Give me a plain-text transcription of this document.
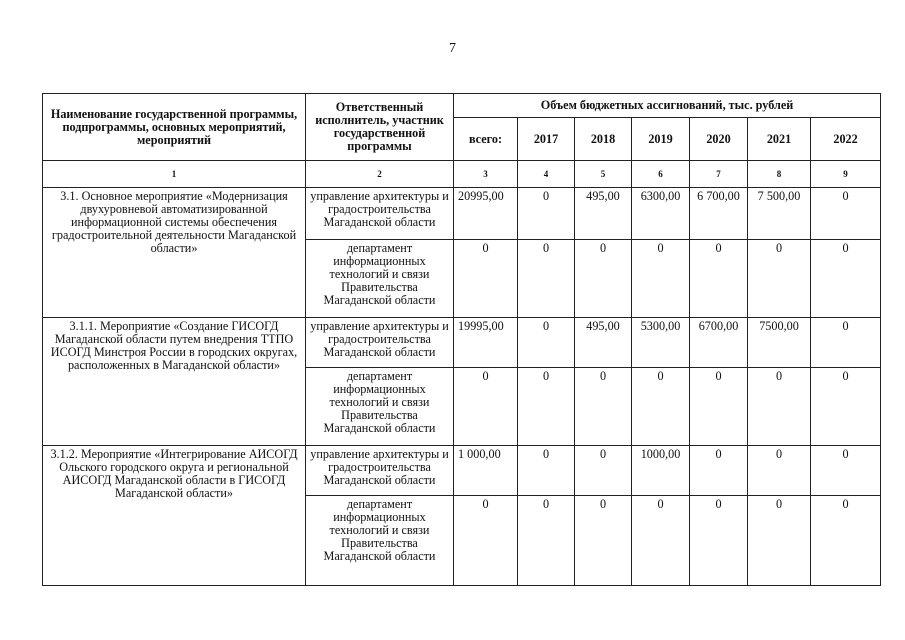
7
Наименование государственной программы, подпрограммы, основных мероприятий, мероприятий	Ответственный исполнитель, участник государственной программы	Объем бюджетных ассигнований, тыс. рублей						
		всего:	2017	2018	2019	2020	2021	2022
1	2	3	4	5	6	7	8	9
3.1. Основное мероприятие «Модернизация двухуровневой автоматизированной информационной системы обеспечения градостроительной деятельности Магаданской области»	управление архитектуры и градостроительства Магаданской области	20995,00	0	495,00	6300,00	6 700,00	7 500,00	0
	департамент информационных технологий и связи Правительства Магаданской области	0	0	0	0	0	0	0
3.1.1. Мероприятие «Создание ГИСОГД Магаданской области путем внедрения ТТПО ИСОГД Минстроя России в городских округах, расположенных в Магаданской области»	управление архитектуры и градостроительства Магаданской области	19995,00	0	495,00	5300,00	6700,00	7500,00	0
	департамент информационных технологий и связи Правительства Магаданской области	0	0	0	0	0	0	0
3.1.2. Мероприятие «Интегрирование АИСОГД Ольского городского округа и региональной АИСОГД Магаданской области в ГИСОГД Магаданской области»	управление архитектуры и градостроительства Магаданской области	1 000,00	0	0	1000,00	0	0	0
	департамент информационных технологий и связи Правительства Магаданской области	0	0	0	0	0	0	0
